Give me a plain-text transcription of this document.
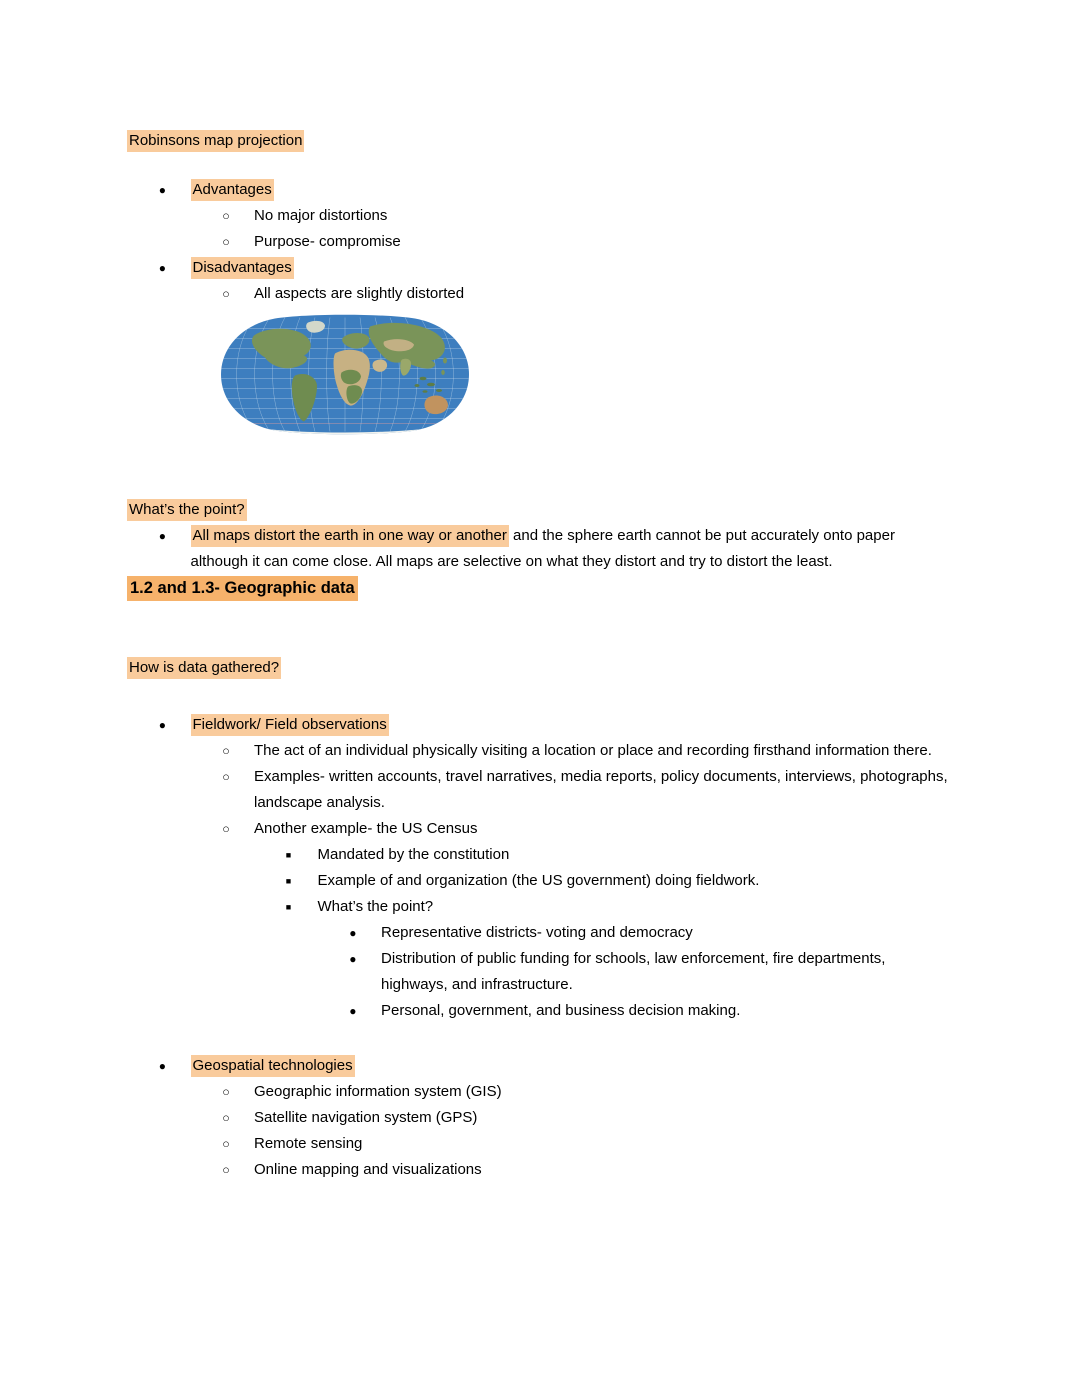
Robinsons map projection

●	Advantages
○	No major distortions
○	Purpose- compromise
●	Disadvantages
○	All aspects are slightly distorted

What’s the point?

●	All maps distort the earth in one way or another and the sphere earth cannot be put accurately onto paper although it can come close. All maps are selective on what they distort and try to distort the least.

1.2 and 1.3- Geographic data

How is data gathered?

●	Fieldwork/ Field observations
○	The act of an individual physically visiting a location or place and recording firsthand information there.
○	Examples- written accounts, travel narratives, media reports, policy documents, interviews, photographs, landscape analysis.
○	Another example- the US Census
■	Mandated by the constitution
■	Example of and organization (the US government) doing fieldwork.
■	What’s the point?
●	Representative districts- voting and democracy
●	Distribution of public funding for schools, law enforcement, fire departments, highways, and infrastructure.
●	Personal, government, and business decision making.
●	Geospatial technologies
○	Geographic information system (GIS)
○	Satellite navigation system (GPS)
○	Remote sensing
○	Online mapping and visualizations
